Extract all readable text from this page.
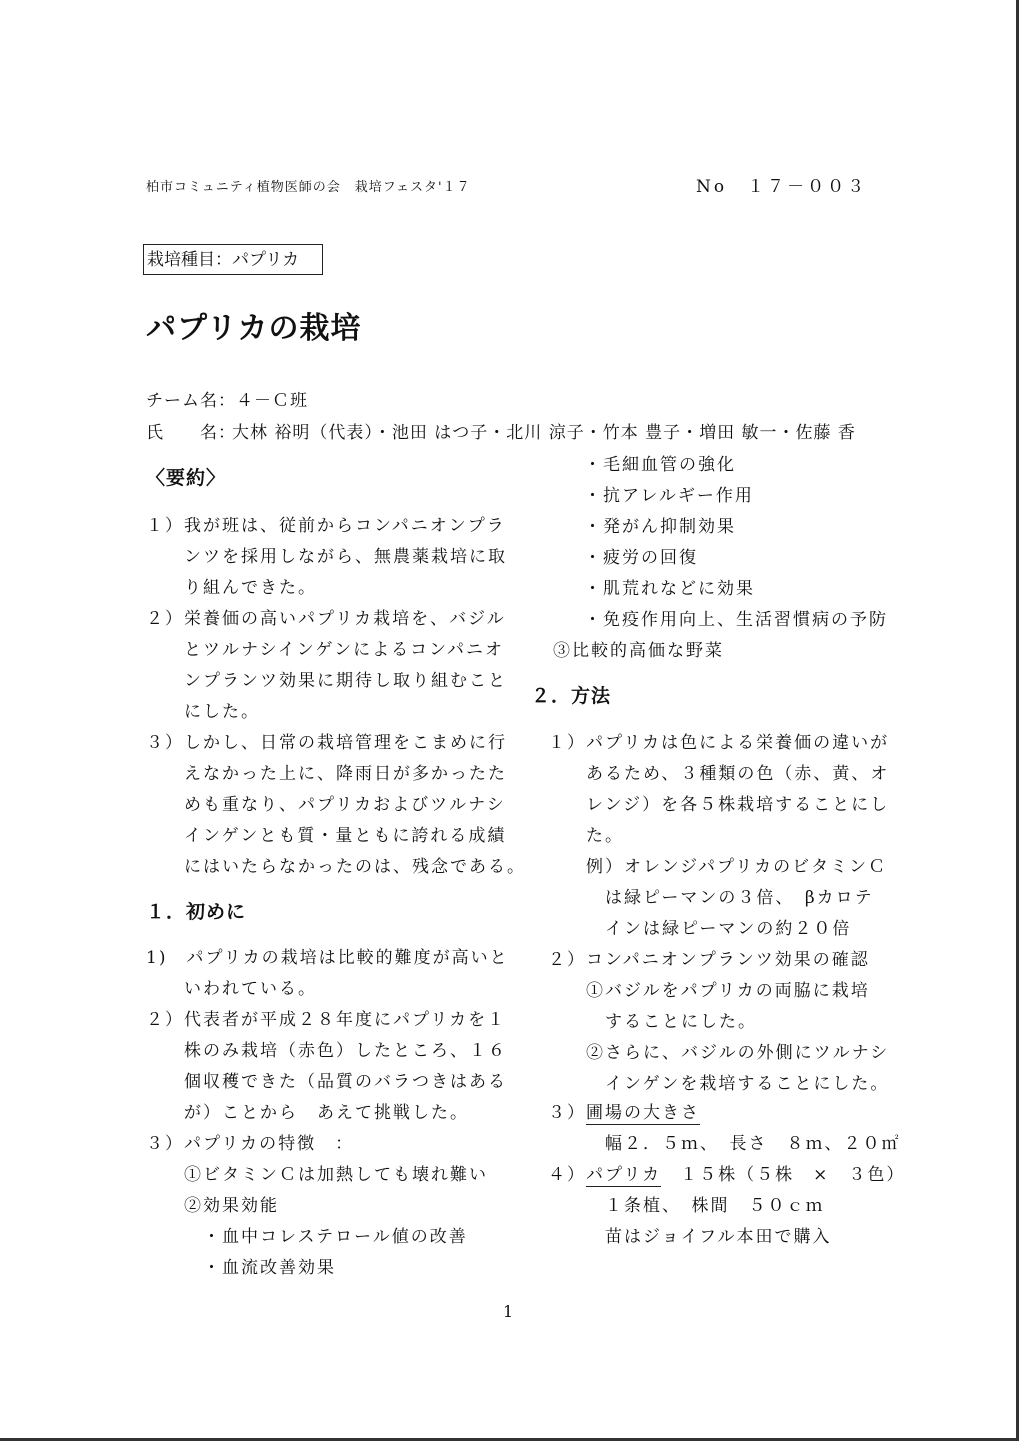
柏市コミュニティ植物医師の会　栽培フェスタ'１７	No　１７－００３
栽培種目：パプリカ
パプリカの栽培
チーム名：４－Ｃ班
氏　　名：大林 裕明（代表）・池田 はつ子・北川 涼子・竹本 豊子・増田 敏一・佐藤 香
〈要約〉
１）我が班は、従前からコンパニオンプラ
　　ンツを採用しながら、無農薬栽培に取
　　り組んできた。
２）栄養価の高いパプリカ栽培を、バジル
　　とツルナシインゲンによるコンパニオ
　　ンプランツ効果に期待し取り組むこと
　　にした。
３）しかし、日常の栽培管理をこまめに行
　　えなかった上に、降雨日が多かったた
　　めも重なり、パプリカおよびツルナシ
　　インゲンとも質・量ともに誇れる成績
　　にはいたらなかったのは、残念である。
１．初めに
1)　パプリカの栽培は比較的難度が高いと
　　いわれている。
２）代表者が平成２８年度にパプリカを１
　　株のみ栽培（赤色）したところ、１６
　　個収穫できた（品質のバラつきはある
　　が）ことから　あえて挑戦した。
３）パプリカの特徴　：
　　①ビタミンＣは加熱しても壊れ難い
　　②効果効能
　　　・血中コレステロール値の改善
　　　・血流改善効果
・毛細血管の強化
・抗アレルギー作用
・発がん抑制効果
・疲労の回復
・肌荒れなどに効果
・免疫作用向上、生活習慣病の予防
③比較的高価な野菜
２．方法
１）パプリカは色による栄養価の違いが
　　あるため、３種類の色（赤、黄、オ
　　レンジ）を各５株栽培することにし
　　た。
　　例）オレンジパプリカのビタミンＣ
　　　は緑ピーマンの３倍、　βカロテ
　　　インは緑ピーマンの約２０倍
２）コンパニオンプランツ効果の確認
　　①バジルをパプリカの両脇に栽培
　　　することにした。
　　②さらに、バジルの外側にツルナシ
　　　インゲンを栽培することにした。
３）圃場の大きさ
　　　幅２．５ｍ、　長さ　８ｍ、２０㎡
４）パプリカ　１５株（５株　×　３色）
　　　１条植、　株間　５０ｃｍ
　　　苗はジョイフル本田で購入
1
